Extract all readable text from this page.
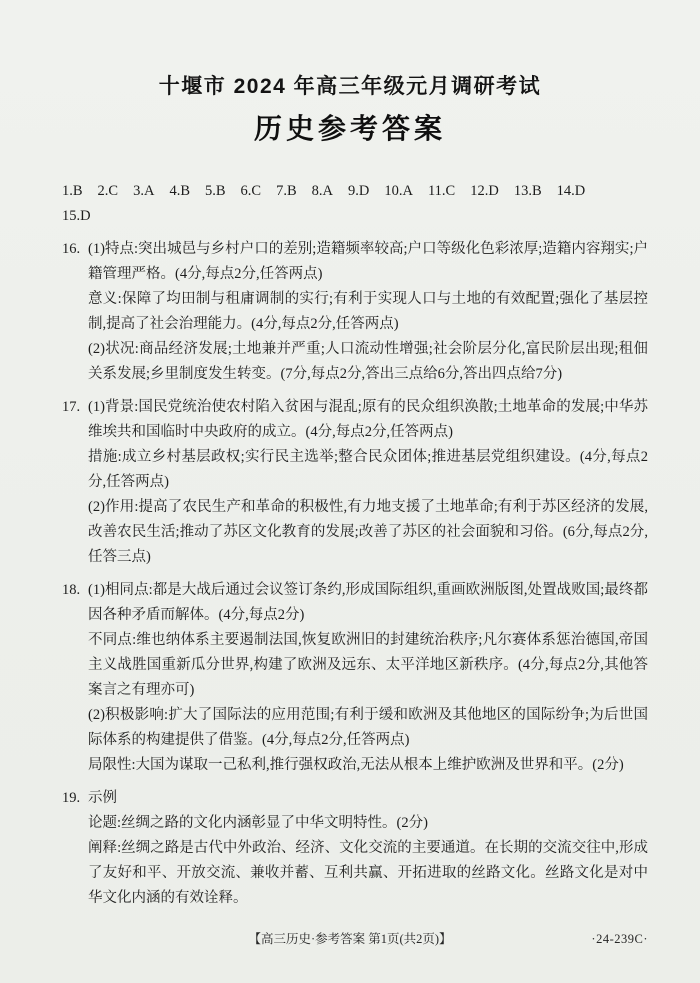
十堰市 2024 年高三年级元月调研考试
历史参考答案
1.B 2.C 3.A 4.B 5.B 6.C 7.B 8.A 9.D 10.A 11.C 12.D 13.B 14.D
15.D
16. (1)特点:突出城邑与乡村户口的差别;造籍频率较高;户口等级化色彩浓厚;造籍内容翔实;户籍管理严格。(4分,每点2分,任答两点)

意义:保障了均田制与租庸调制的实行;有利于实现人口与土地的有效配置;强化了基层控制,提高了社会治理能力。(4分,每点2分,任答两点)

(2)状况:商品经济发展;土地兼并严重;人口流动性增强;社会阶层分化,富民阶层出现;租佃关系发展;乡里制度发生转变。(7分,每点2分,答出三点给6分,答出四点给7分)

17. (1)背景:国民党统治使农村陷入贫困与混乱;原有的民众组织涣散;土地革命的发展;中华苏维埃共和国临时中央政府的成立。(4分,每点2分,任答两点)

措施:成立乡村基层政权;实行民主选举;整合民众团体;推进基层党组织建设。(4分,每点2分,任答两点)

(2)作用:提高了农民生产和革命的积极性,有力地支援了土地革命;有利于苏区经济的发展,改善农民生活;推动了苏区文化教育的发展;改善了苏区的社会面貌和习俗。(6分,每点2分,任答三点)

18. (1)相同点:都是大战后通过会议签订条约,形成国际组织,重画欧洲版图,处置战败国;最终都因各种矛盾而解体。(4分,每点2分)

不同点:维也纳体系主要遏制法国,恢复欧洲旧的封建统治秩序;凡尔赛体系惩治德国,帝国主义战胜国重新瓜分世界,构建了欧洲及远东、太平洋地区新秩序。(4分,每点2分,其他答案言之有理亦可)

(2)积极影响:扩大了国际法的应用范围;有利于缓和欧洲及其他地区的国际纷争;为后世国际体系的构建提供了借鉴。(4分,每点2分,任答两点)

局限性:大国为谋取一己私利,推行强权政治,无法从根本上维护欧洲及世界和平。(2分)

19. 示例

论题:丝绸之路的文化内涵彰显了中华文明特性。(2分)

阐释:丝绸之路是古代中外政治、经济、文化交流的主要通道。在长期的交流交往中,形成了友好和平、开放交流、兼收并蓄、互利共赢、开拓进取的丝路文化。丝路文化是对中华文化内涵的有效诠释。

【高三历史·参考答案 第1页(共2页)】	·24-239C·
